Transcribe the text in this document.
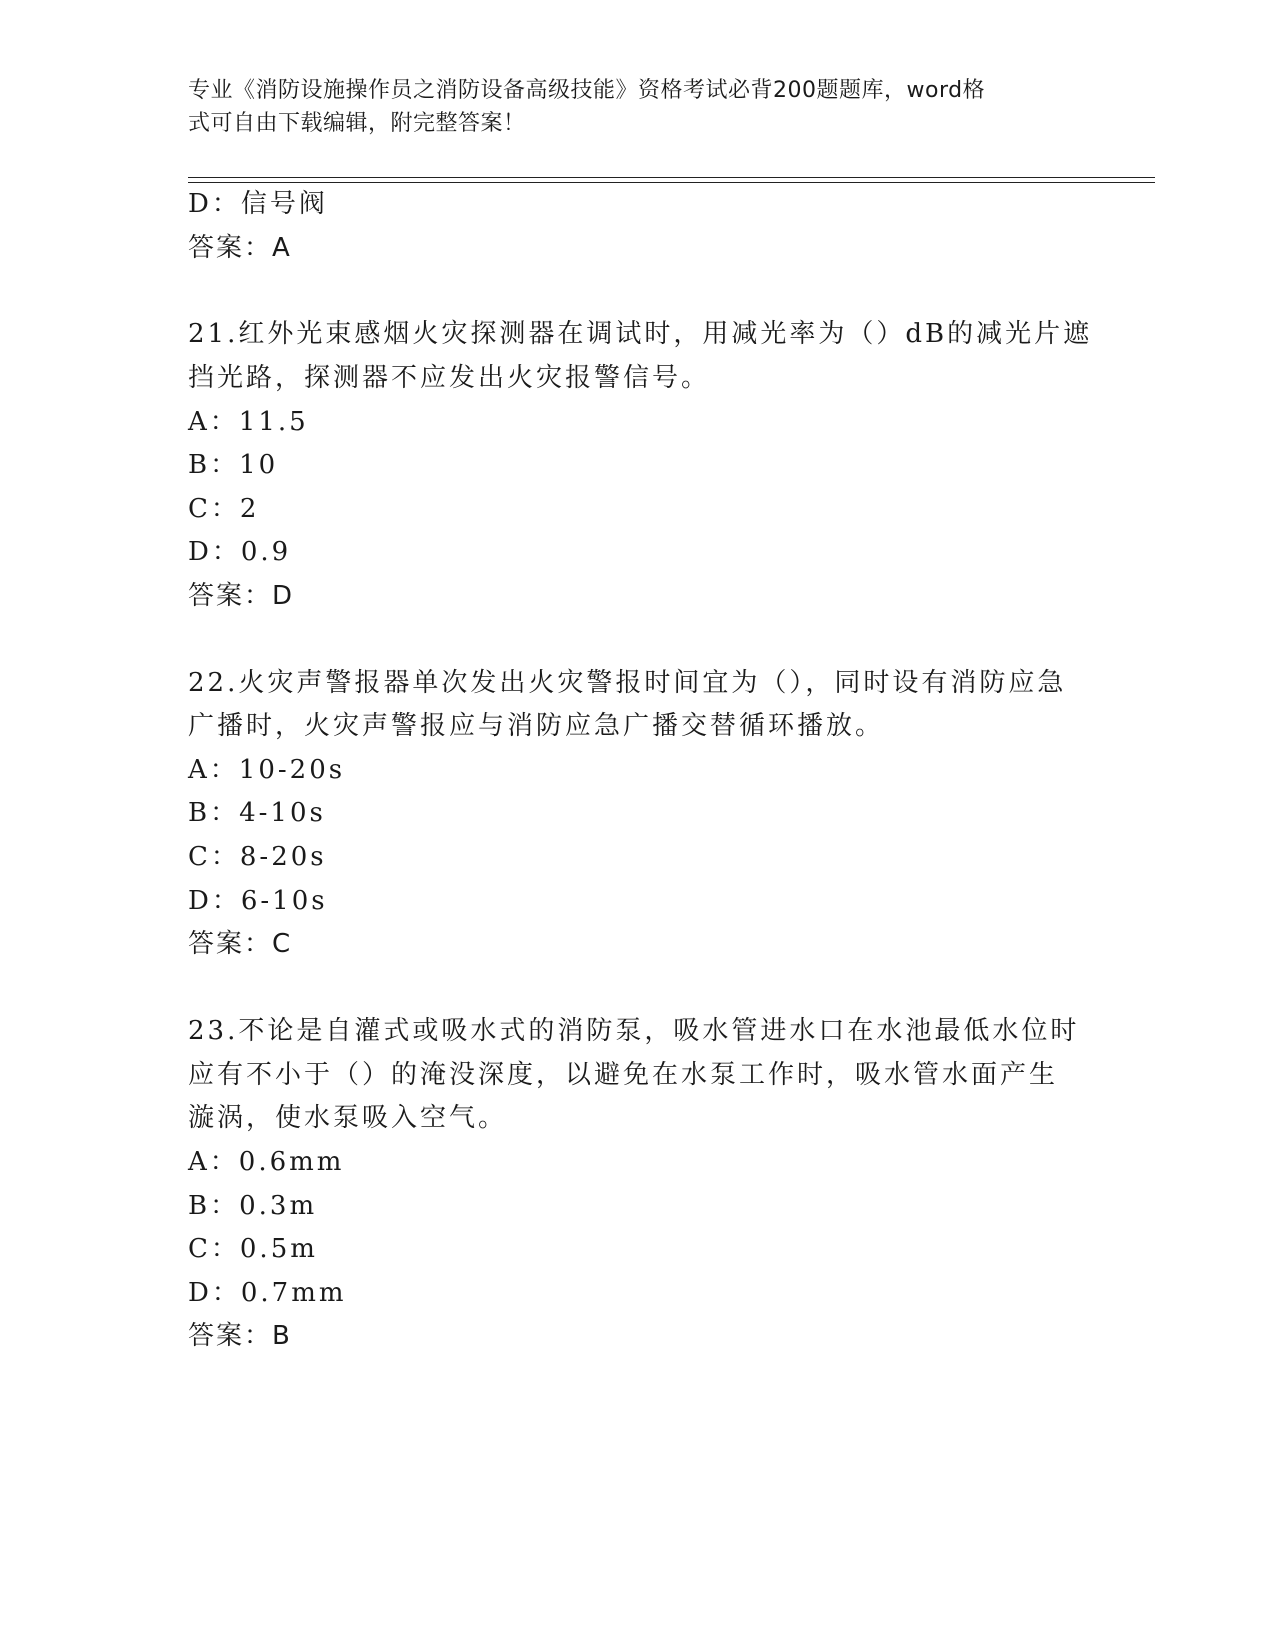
专业《消防设施操作员之消防设备高级技能》资格考试必背200题题库，word格
式可自由下载编辑，附完整答案！
D：信号阀
答案：A
21.红外光束感烟火灾探测器在调试时，用减光率为（）dB的减光片遮
挡光路，探测器不应发出火灾报警信号。
A：11.5
B：10
C：2
D：0.9
答案：D
22.火灾声警报器单次发出火灾警报时间宜为（），同时设有消防应急
广播时，火灾声警报应与消防应急广播交替循环播放。
A：10-20s
B：4-10s
C：8-20s
D：6-10s
答案：C
23.不论是自灌式或吸水式的消防泵，吸水管进水口在水池最低水位时
应有不小于（）的淹没深度，以避免在水泵工作时，吸水管水面产生
漩涡，使水泵吸入空气。
A：0.6mm
B：0.3m
C：0.5m
D：0.7mm
答案：B
